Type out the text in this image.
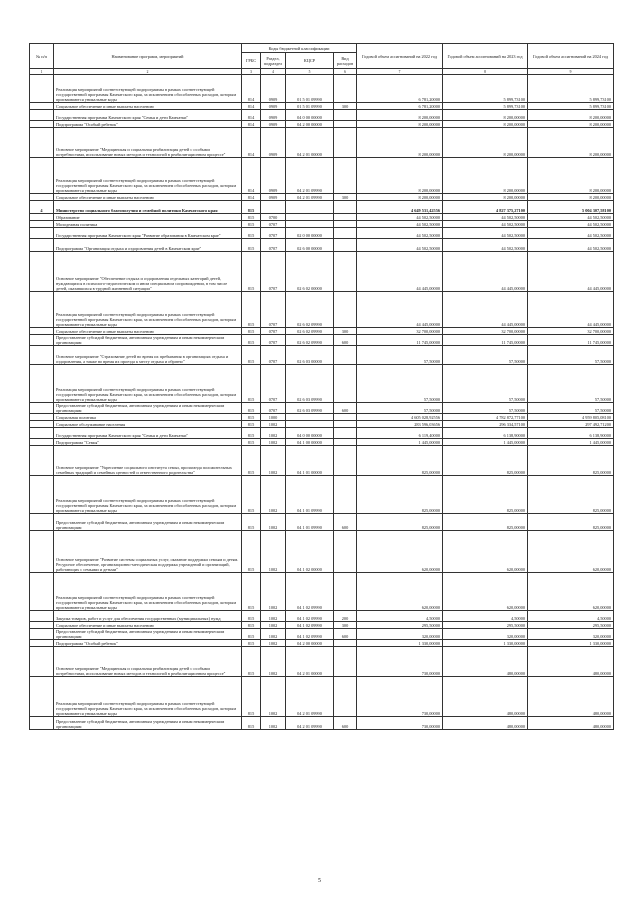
№ п/п	Наименование программ, мероприятий	Коды бюджетной классификации				Годовой объем ассигнований на 2022 год	Годовой объем ассигнований на 2023 год	Годовой объем ассигнований на 2024 год
		ГРБС	Раздел, подраздел	КЦСР	Вид расходов			
1	2	3	4	5	6	7	8	9
	Реализация мероприятий соответствующей подпрограммы в рамках соответствующей государственной программы Камчатского края, за исключением обособленных расходов, которым присваиваются уникальные коды	814	0909	01 5 01 09990		6 781,20000	5 899,73100	5 899,73100
	Социальное обеспечение и иные выплаты населению	814	0909	01 5 01 09990	300	6 781,20000	5 899,73100	5 899,73100
	Государственная программа Камчатского края "Семья и дети Камчатки"	814	0909	04 0 00 00000		8 200,00000	8 200,00000	8 200,00000
	Подпрограмма "Особый ребенок"	814	0909	04 2 00 00000		8 200,00000	8 200,00000	8 200,00000
	Основное мероприятие "Медицинская и социальная реабилитация детей с особыми потребностями, использование новых методов и технологий в реабилитационном процессе"	814	0909	04 2 01 00000		8 200,00000	8 200,00000	8 200,00000
	Реализация мероприятий соответствующей подпрограммы в рамках соответствующей государственной программы Камчатского края, за исключением обособленных расходов, которым присваиваются уникальные коды	814	0909	04 2 01 09990		8 200,00000	8 200,00000	8 200,00000
	Социальное обеспечение и иные выплаты населению	814	0909	04 2 01 09990	300	8 200,00000	8 200,00000	8 200,00000
4	Министерство социального благополучия и семейной политики Камчатского края	815				4 649 531,42556	4 827 375,27100	5 004 307,58100
	Образование	815	0700			44 502,50000	44 502,50000	44 502,50000
	Молодежная политика	815	0707			44 502,50000	44 502,50000	44 502,50000
	Государственная программа Камчатского края "Развитие образования в Камчатском крае"	815	0707	02 0 00 00000		44 502,50000	44 502,50000	44 502,50000
	Подпрограмма "Организация отдыха и оздоровления детей в Камчатском крае"	815	0707	02 6 00 00000		44 502,50000	44 502,50000	44 502,50000
	Основное мероприятие "Обеспечение отдыха и оздоровления отдельных категорий детей, нуждающихся в психолого-педагогическом и ином специальном сопровождении, в том числе детей, оказавшихся в трудной жизненной ситуации"	815	0707	02 6 02 00000		44 445,00000	44 445,00000	44 445,00000
	Реализация мероприятий соответствующей подпрограммы в рамках соответствующей государственной программы Камчатского края, за исключением обособленных расходов, которым присваиваются уникальные коды	815	0707	02 6 02 09990		44 445,00000	44 445,00000	44 445,00000
	Социальное обеспечение и иные выплаты населению	815	0707	02 6 02 09990	300	32 700,00000	32 700,00000	32 700,00000
	Предоставление субсидий бюджетным, автономным учреждениям и иным некоммерческим организациям	815	0707	02 6 02 09990	600	11 745,00000	11 745,00000	11 745,00000
	Основное мероприятие "Страхование детей во время их пребывания в организациях отдыха и оздоровления, а также во время их проезда к месту отдыха и обратно"	815	0707	02 6 03 00000		57,50000	57,50000	57,50000
	Реализация мероприятий соответствующей подпрограммы в рамках соответствующей государственной программы Камчатского края, за исключением обособленных расходов, которым присваиваются уникальные коды	815	0707	02 6 03 09990		57,50000	57,50000	57,50000
	Предоставление субсидий бюджетным, автономным учреждениям и иным некоммерческим организациям	815	0707	02 6 03 09990	600	57,50000	57,50000	57,50000
	Социальная политика	815	1000			4 605 028,92556	4 782 872,77100	4 959 805,08100
	Социальное обслуживание населения	815	1002			283 596,03656	296 334,57100	297 492,71200
	Государственная программа Камчатского края "Семья и дети Камчатки"	815	1002	04 0 00 00000		6 119,40000	6 138,90000	6 138,90000
	Подпрограмма "Семья"	815	1002	04 1 00 00000		1 445,00000	1 445,00000	1 445,00000
	Основное мероприятие "Укрепление социального института семьи, пропаганда положительных семейных традиций и семейных ценностей и ответственного родительства"	815	1002	04 1 01 00000		825,00000	825,00000	825,00000
	Реализация мероприятий соответствующей подпрограммы в рамках соответствующей государственной программы Камчатского края, за исключением обособленных расходов, которым присваиваются уникальные коды	815	1002	04 1 01 09990		825,00000	825,00000	825,00000
	Предоставление субсидий бюджетным, автономным учреждениям и иным некоммерческим организациям	815	1002	04 1 01 09990	600	825,00000	825,00000	825,00000
	Основное мероприятие "Развитие системы социальных услуг, оказание поддержки семьям и детям. Ресурсное обеспечение, организационно-методическая поддержка учреждений и организаций, работающих с семьями и детьми"	815	1002	04 1 02 00000		620,00000	620,00000	620,00000
	Реализация мероприятий соответствующей подпрограммы в рамках соответствующей государственной программы Камчатского края, за исключением обособленных расходов, которым присваиваются уникальные коды	815	1002	04 1 02 09990		620,00000	620,00000	620,00000
	Закупка товаров, работ и услуг для обеспечения государственных (муниципальных) нужд	815	1002	04 1 02 09990	200	4,50000	4,50000	4,50000
	Социальное обеспечение и иные выплаты населению	815	1002	04 1 02 09990	300	295,50000	295,50000	295,50000
	Предоставление субсидий бюджетным, автономным учреждениям и иным некоммерческим организациям	815	1002	04 1 02 09990	600	320,00000	320,00000	320,00000
	Подпрограмма "Особый ребенок"	815	1002	04 2 00 00000		1 330,00000	1 330,00000	1 330,00000
	Основное мероприятие "Медицинская и социальная реабилитация детей с особыми потребностями, использование новых методов и технологий в реабилитационном процессе"	815	1002	04 2 01 00000		730,00000	480,00000	480,00000
	Реализация мероприятий соответствующей подпрограммы в рамках соответствующей государственной программы Камчатского края, за исключением обособленных расходов, которым присваиваются уникальные коды	815	1002	04 2 01 09990		730,00000	480,00000	480,00000
	Предоставление субсидий бюджетным, автономным учреждениям и иным некоммерческим организациям	815	1002	04 2 01 09990	600	730,00000	480,00000	480,00000
5
